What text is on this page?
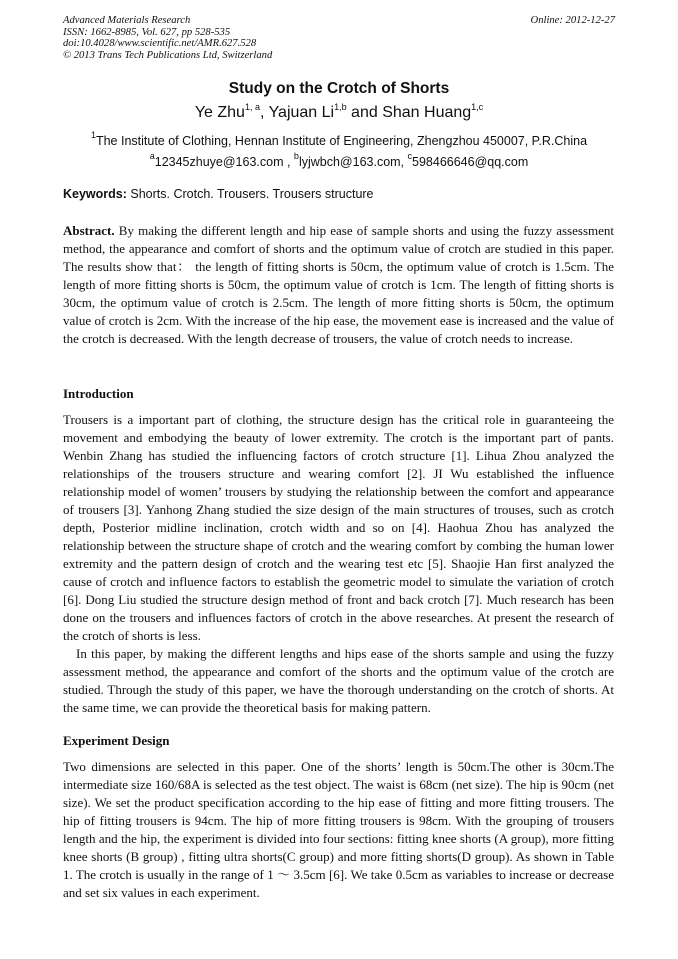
Advanced Materials Research
ISSN: 1662-8985, Vol. 627, pp 528-535
doi:10.4028/www.scientific.net/AMR.627.528
© 2013 Trans Tech Publications Ltd, Switzerland
Online: 2012-12-27
Study on the Crotch of Shorts
Ye Zhu$^{1, a}$, Yajuan Li$^{1,b}$ and Shan Huang$^{1,c}$
$^1$The Institute of Clothing, Hennan Institute of Engineering, Zhengzhou 450007, P.R.China
$^a$12345zhuye@163.com , $^b$lyjwbch@163.com, $^c$598466646@qq.com
Keywords: Shorts. Crotch. Trousers. Trousers structure

Abstract. By making the different length and hip ease of sample shorts and using the fuzzy assessment method, the appearance and comfort of shorts and the optimum value of crotch are studied in this paper. The results show that： the length of fitting shorts is 50cm, the optimum value of crotch is 1.5cm. The length of more fitting shorts is 50cm, the optimum value of crotch is 1cm. The length of fitting shorts is 30cm, the optimum value of crotch is 2.5cm. The length of more fitting shorts is 50cm, the optimum value of crotch is 2cm. With the increase of the hip ease, the movement ease is increased and the value of the crotch is decreased. With the length decrease of trousers, the value of crotch needs to increase.

Introduction

Trousers is a important part of clothing, the structure design has the critical role in guaranteeing the movement and embodying the beauty of lower extremity. The crotch is the important part of pants. Wenbin Zhang has studied the influencing factors of crotch structure [1]. Lihua Zhou analyzed the relationships of the trousers structure and wearing comfort [2]. JI Wu established the influence relationship model of women’ trousers by studying the relationship between the comfort and appearance of trousers [3]. Yanhong Zhang studied the size design of the main structures of trouses, such as crotch depth, Posterior midline inclination, crotch width and so on [4]. Haohua Zhou has analyzed the relationship between the structure shape of crotch and the wearing comfort by combing the human lower extremity and the pattern design of crotch and the wearing test etc [5]. Shaojie Han first analyzed the cause of crotch and influence factors to establish the geometric model to simulate the variation of crotch [6]. Dong Liu studied the structure design method of front and back crotch [7]. Much research has been done on the trousers and influences factors of crotch in the above researches. At present the research of the crotch of shorts is less.

In this paper, by making the different lengths and hips ease of the shorts sample and using the fuzzy assessment method, the appearance and comfort of the shorts and the optimum value of the crotch are studied. Through the study of this paper, we have the thorough understanding on the crotch of shorts. At the same time, we can provide the theoretical basis for making pattern.

Experiment Design

Two dimensions are selected in this paper. One of the shorts’ length is 50cm.The other is 30cm.The intermediate size 160/68A is selected as the test object. The waist is 68cm (net size). The hip is 90cm (net size). We set the product specification according to the hip ease of fitting and more fitting trousers. The hip of fitting trousers is 94cm. The hip of more fitting trousers is 98cm. With the grouping of trousers length and the hip, the experiment is divided into four sections: fitting knee shorts (A group), more fitting knee shorts (B group) , fitting ultra shorts(C group) and more fitting shorts(D group). As shown in Table 1. The crotch is usually in the range of 1 ～ 3.5cm [6]. We take 0.5cm as variables to increase or decrease and set six values in each experiment.
